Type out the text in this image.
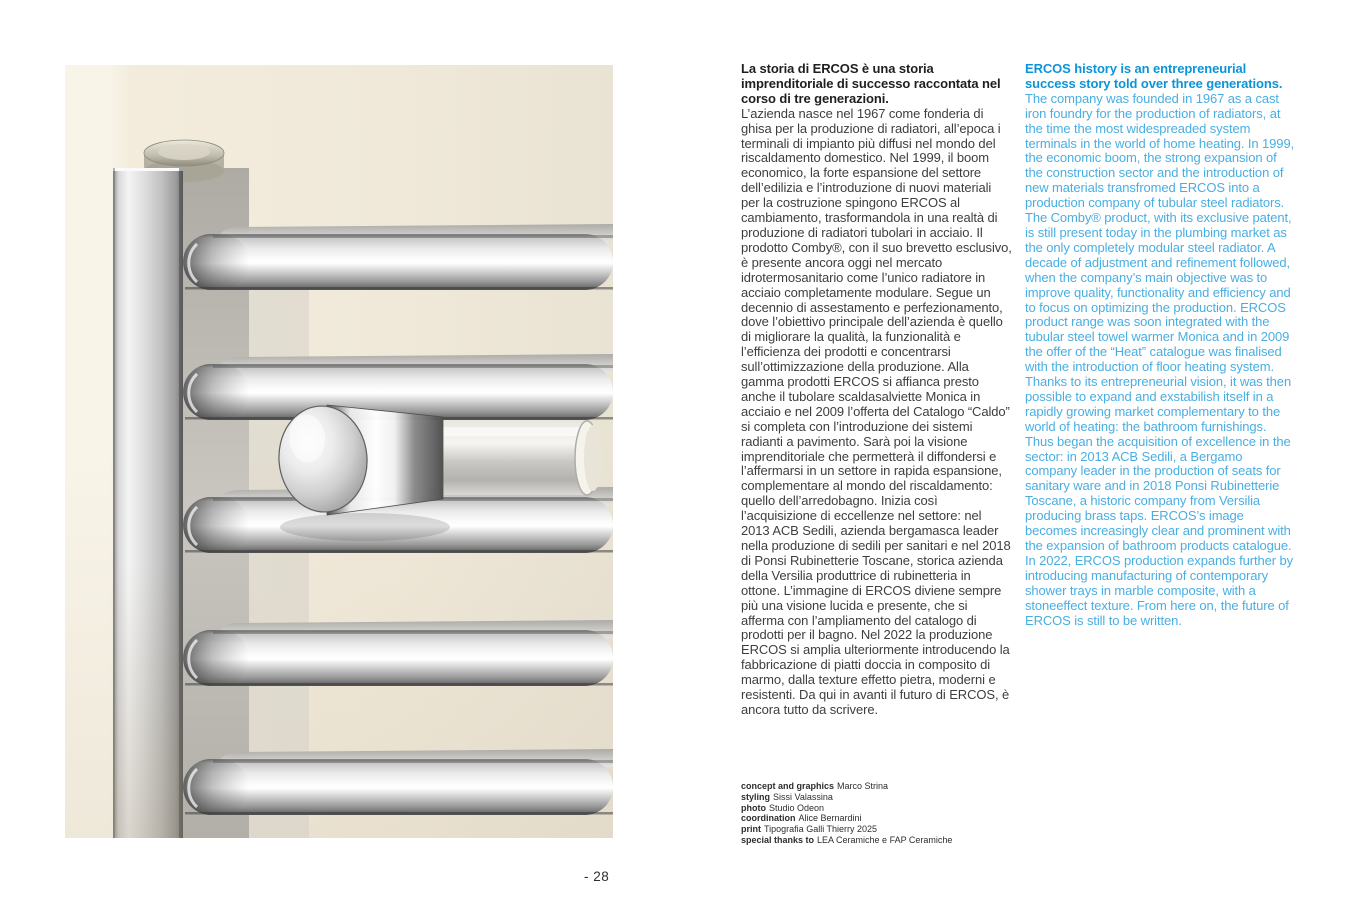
La storia di ERCOS è una storia imprenditoriale di successo raccontata nel corso di tre generazioni.

L’azienda nasce nel 1967 come fonderia di ghisa per la produzione di radiatori, all’epoca i terminali di impianto più diffusi nel mondo del riscaldamento domestico. Nel 1999, il boom economico, la forte espansione del settore dell’edilizia e l’introduzione di nuovi materiali per la costruzione spingono ERCOS al cambiamento, trasformandola in una realtà di produzione di radiatori tubolari in acciaio. Il prodotto Comby®, con il suo brevetto esclusivo, è presente ancora oggi nel mercato idrotermosanitario come l’unico radiatore in acciaio completamente modulare. Segue un decennio di assestamento e perfezionamento, dove l’obiettivo principale dell’azienda è quello di migliorare la qualità, la funzionalità e l’efficienza dei prodotti e concentrarsi sull’ottimizzazione della produzione. Alla gamma prodotti ERCOS si affianca presto anche il tubolare scaldasalviette Monica in acciaio e nel 2009 l’offerta del Catalogo “Caldo” si completa con l’introduzione dei sistemi radianti a pavimento. Sarà poi la visione imprenditoriale che permetterà il diffondersi e l’affermarsi in un settore in rapida espansione, complementare al mondo del riscaldamento: quello dell’arredobagno. Inizia così l’acquisizione di eccellenze nel settore: nel 2013 ACB Sedili, azienda bergamasca leader nella produzione di sedili per sanitari e nel 2018 di Ponsi Rubinetterie Toscane, storica azienda della Versilia produttrice di rubinetteria in ottone. L’immagine di ERCOS diviene sempre più una visione lucida e presente, che si afferma con l’ampliamento del catalogo di prodotti per il bagno. Nel 2022 la produzione ERCOS si amplia ulteriormente introducendo la fabbricazione di piatti doccia in composito di marmo, dalla texture effetto pietra, moderni e resistenti. Da qui in avanti il futuro di ERCOS, è ancora tutto da scrivere.

ERCOS history is an entrepreneurial success story told over three generations.

The company was founded in 1967 as a cast iron foundry for the production of radiators, at the time the most widespreaded system terminals in the world of home heating. In 1999, the economic boom, the strong expansion of the construction sector and the introduction of new materials transfromed ERCOS into a production company of tubular steel radiators. The Comby® product, with its exclusive patent, is still present today in the plumbing market as the only completely modular steel radiator. A decade of adjustment and refinement followed, when the company’s main objective was to improve quality, functionality and efficiency and to focus on optimizing the production. ERCOS product range was soon integrated with the tubular steel towel warmer Monica and in 2009 the offer of the “Heat” catalogue was finalised with the introduction of floor heating system. Thanks to its entrepreneurial vision, it was then possible to expand and exstabilish itself in a rapidly growing market complementary to the world of heating: the bathroom furnishings. Thus began the acquisition of excellence in the sector: in 2013 ACB Sedili, a Bergamo company leader in the production of seats for sanitary ware and in 2018 Ponsi Rubinetterie Toscane, a historic company from Versilia producing brass taps. ERCOS’s image becomes increasingly clear and prominent with the expansion of bathroom products catalogue. In 2022, ERCOS production expands further by introducing manufacturing of contemporary shower trays in marble composite, with a stoneeffect texture. From here on, the future of ERCOS is still to be written.

concept and graphics Marco Strina
styling Sissi Valassina
photo Studio Odeon
coordination Alice Bernardini
print Tipografia Galli Thierry 2025
special thanks to LEA Ceramiche e FAP Ceramiche
- 28
